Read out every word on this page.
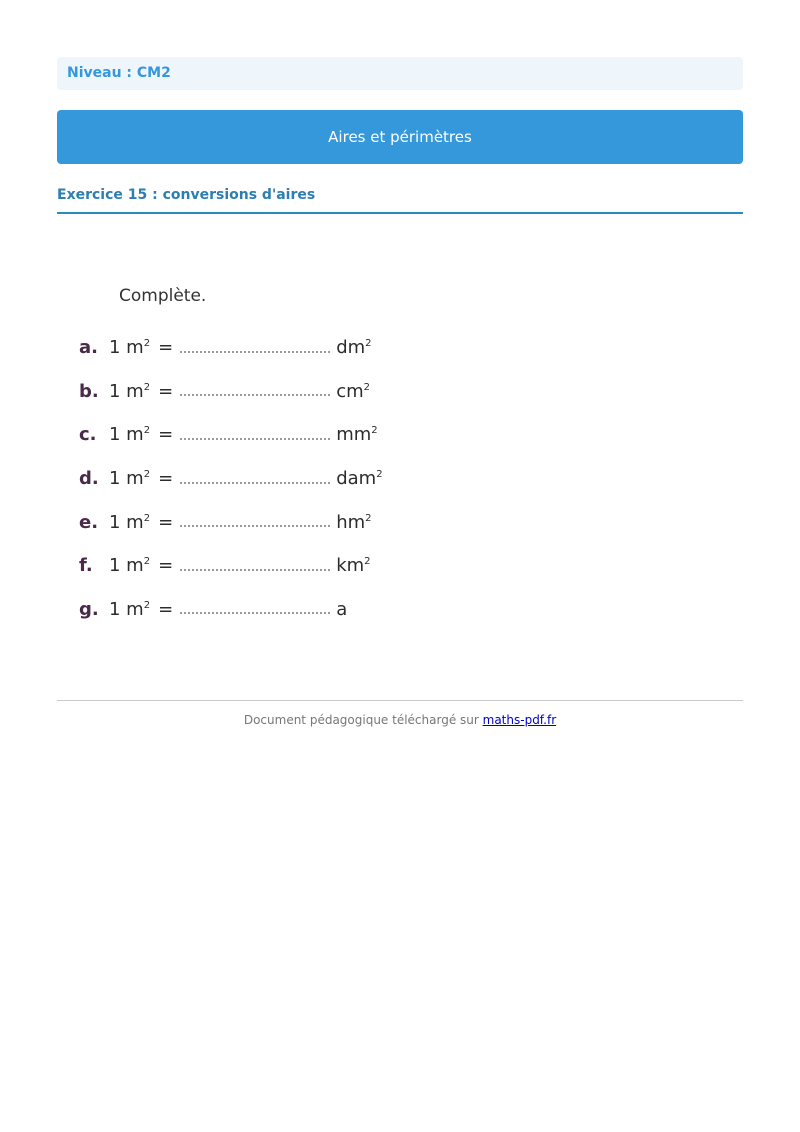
Niveau : CM2
Aires et périmètres
Exercice 15 : conversions d'aires
Complète.
a. 1 $m^2$ =	$dm^2$
b. 1 $m^2$ =	$cm^2$
c. 1 $m^2$ =	$mm^2$
d. 1 $m^2$ =	dam$^2$
e. 1 $m^2$ =	$hm^2$
f. 1 $m^2$ =	$km^2$
g. 1 $m^2$ =	a
Document pédagogique téléchargé sur maths-pdf.fr
